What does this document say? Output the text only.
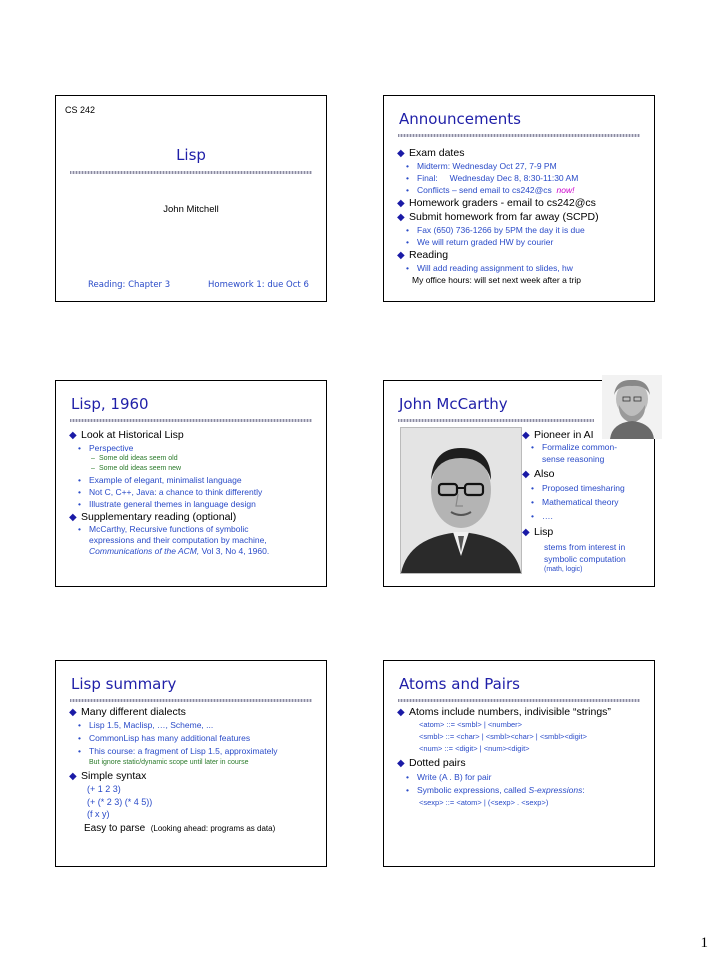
CS 242
Lisp
John Mitchell
Reading: Chapter 3	Homework 1: due Oct 6
Announcements
◆ Exam dates
• Midterm: Wednesday Oct 27, 7-9 PM
• Final: Wednesday Dec 8, 8:30-11:30 AM
• Conflicts – send email to cs242@cs now!
◆ Homework graders - email to cs242@cs
◆ Submit homework from far away (SCPD)
• Fax (650) 736-1266 by 5PM the day it is due
• We will return graded HW by courier
◆ Reading
• Will add reading assignment to slides, hw
My office hours: will set next week after a trip
Lisp, 1960
◆ Look at Historical Lisp
• Perspective
– Some old ideas seem old
– Some old ideas seem new
• Example of elegant, minimalist language
• Not C, C++, Java: a chance to think differently
• Illustrate general themes in language design
◆ Supplementary reading (optional)
• McCarthy, Recursive functions of symbolic expressions and their computation by machine, Communications of the ACM, Vol 3, No 4, 1960.
John McCarthy
◆ Pioneer in AI
• Formalize common-sense reasoning
◆ Also
• Proposed timesharing
• Mathematical theory
• ….
◆ Lisp
stems from interest in symbolic computation
(math, logic)
Lisp summary
◆ Many different dialects
• Lisp 1.5, Maclisp, …, Scheme, ...
• CommonLisp has many additional features
• This course: a fragment of Lisp 1.5, approximately
But ignore static/dynamic scope until later in course
◆ Simple syntax
(+ 1 2 3)
(+ (* 2 3) (* 4 5))
(f x y)
Easy to parse (Looking ahead: programs as data)
Atoms and Pairs
◆ Atoms include numbers, indivisible “strings”
<atom> ::= <smbl> | <number>
<smbl> ::= <char> | <smbl><char> | <smbl><digit>
<num> ::= <digit> | <num><digit>
◆ Dotted pairs
• Write (A . B) for pair
• Symbolic expressions, called S-expressions:
<sexp> ::= <atom> | (<sexp> . <sexp>)
1
